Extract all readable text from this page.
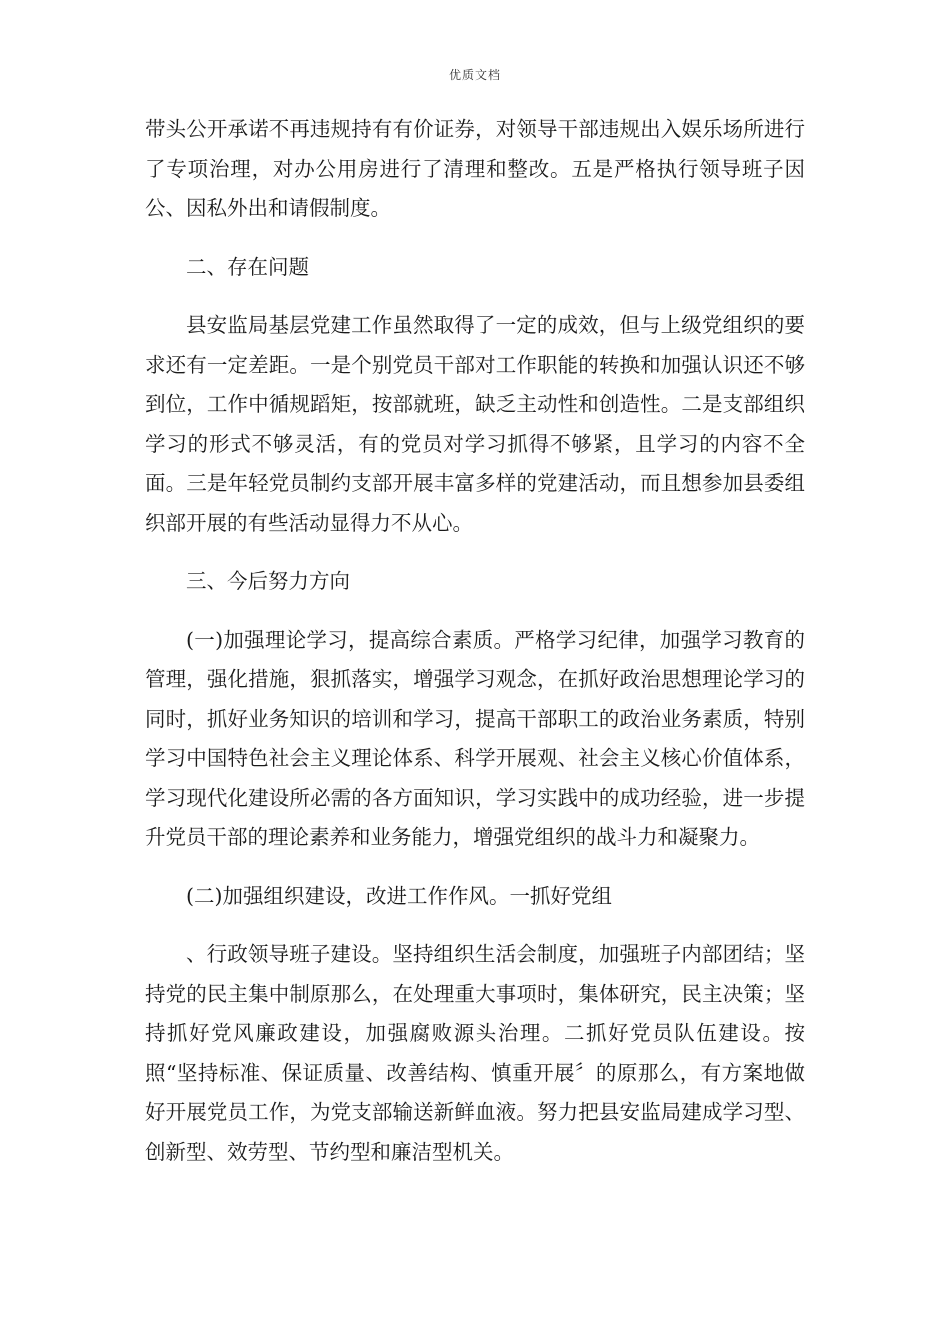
优质文档

带头公开承诺不再违规持有有价证券，对领导干部违规出入娱乐场所进行了专项治理，对办公用房进行了清理和整改。五是严格执行领导班子因公、因私外出和请假制度。

二、存在问题

县安监局基层党建工作虽然取得了一定的成效，但与上级党组织的要求还有一定差距。一是个别党员干部对工作职能的转换和加强认识还不够到位，工作中循规蹈矩，按部就班，缺乏主动性和创造性。二是支部组织学习的形式不够灵活，有的党员对学习抓得不够紧，且学习的内容不全面。三是年轻党员制约支部开展丰富多样的党建活动，而且想参加县委组织部开展的有些活动显得力不从心。

三、今后努力方向

(一)加强理论学习，提高综合素质。严格学习纪律，加强学习教育的管理，强化措施，狠抓落实，增强学习观念，在抓好政治思想理论学习的同时，抓好业务知识的培训和学习，提高干部职工的政治业务素质，特别学习中国特色社会主义理论体系、科学开展观、社会主义核心价值体系，学习现代化建设所必需的各方面知识，学习实践中的成功经验，进一步提升党员干部的理论素养和业务能力，增强党组织的战斗力和凝聚力。

(二)加强组织建设，改进工作作风。一抓好党组

、行政领导班子建设。坚持组织生活会制度，加强班子内部团结；坚持党的民主集中制原那么，在处理重大事项时，集体研究，民主决策；坚持抓好党风廉政建设，加强腐败源头治理。二抓好党员队伍建设。按照“坚持标准、保证质量、改善结构、慎重开展〞的原那么，有方案地做好开展党员工作，为党支部输送新鲜血液。努力把县安监局建成学习型、创新型、效劳型、节约型和廉洁型机关。
